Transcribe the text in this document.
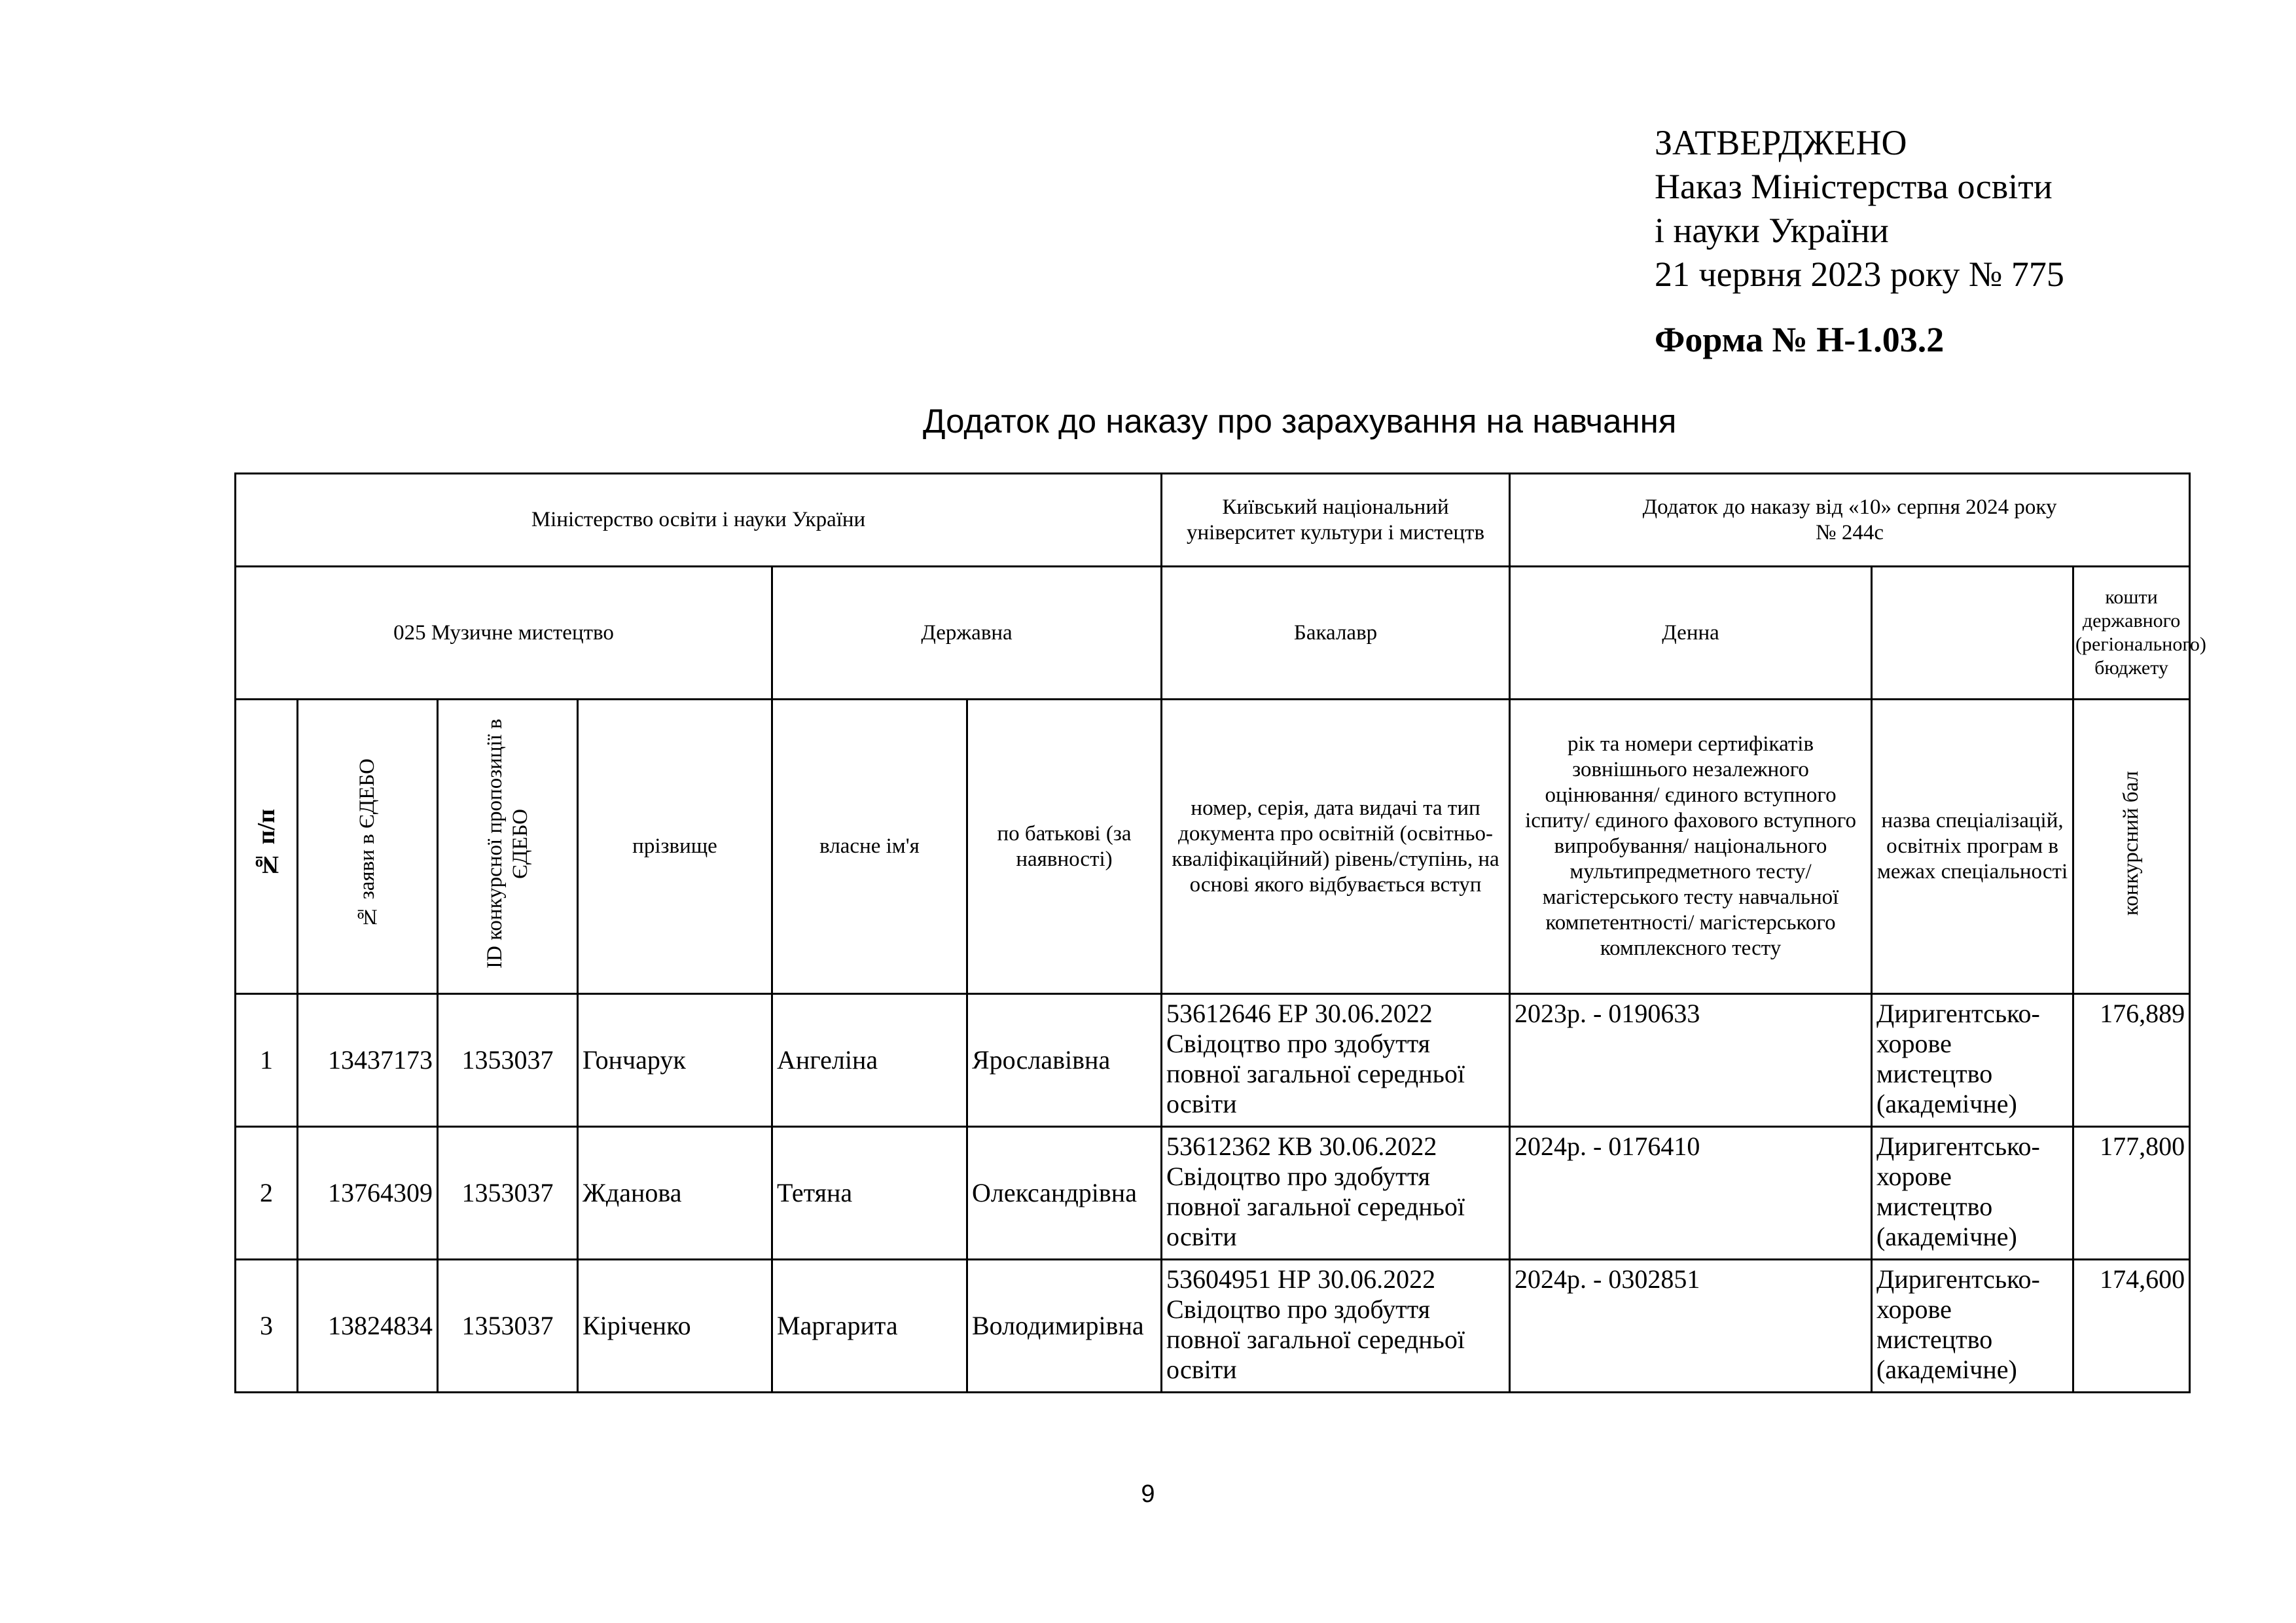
ЗАТВЕРДЖЕНО
Наказ Міністерства освіти
і науки України
21 червня 2023 року № 775
Форма № Н-1.03.2
Додаток до наказу про зарахування на навчання
Міністерство освіти і науки України						Київський національний університет культури і мистецтв	Додаток до наказу від «10» серпня 2024 року
№ 244с		

025 Музичне мистецтво				Державна		Бакалавр	Денна		кошти державного (регіонального) бюджету
№ п/п	№ заяви в ЄДЕБО	ID конкурсної пропозиції в ЄДЕБО	прізвище	власне ім'я	по батькові (за наявності)	номер, серія, дата видачі та тип документа про освітній (освітньо-кваліфікаційний) рівень/ступінь, на основі якого відбувається вступ	рік та номери сертифікатів зовнішнього незалежного оцінювання/ єдиного вступного іспиту/ єдиного фахового вступного випробування/ національного мультипредметного тесту/ магістерського тесту навчальної компетентності/ магістерського комплексного тесту	назва спеціалізацій, освітніх програм в межах спеціальності	конкурсний бал
1	13437173	1353037	Гончарук	Ангеліна	Ярославівна	53612646 ЕР 30.06.2022 Свідоцтво про здобуття повної загальної середньої освіти	2023р. - 0190633	Диригентсько-хорове мистецтво (академічне)	176,889
2	13764309	1353037	Жданова	Тетяна	Олександрівна	53612362 КВ 30.06.2022 Свідоцтво про здобуття повної загальної середньої освіти	2024р. - 0176410	Диригентсько-хорове мистецтво (академічне)	177,800
3	13824834	1353037	Кіріченко	Маргарита	Володимирівна	53604951 НР 30.06.2022 Свідоцтво про здобуття повної загальної середньої освіти	2024р. - 0302851	Диригентсько-хорове мистецтво (академічне)	174,600
9
